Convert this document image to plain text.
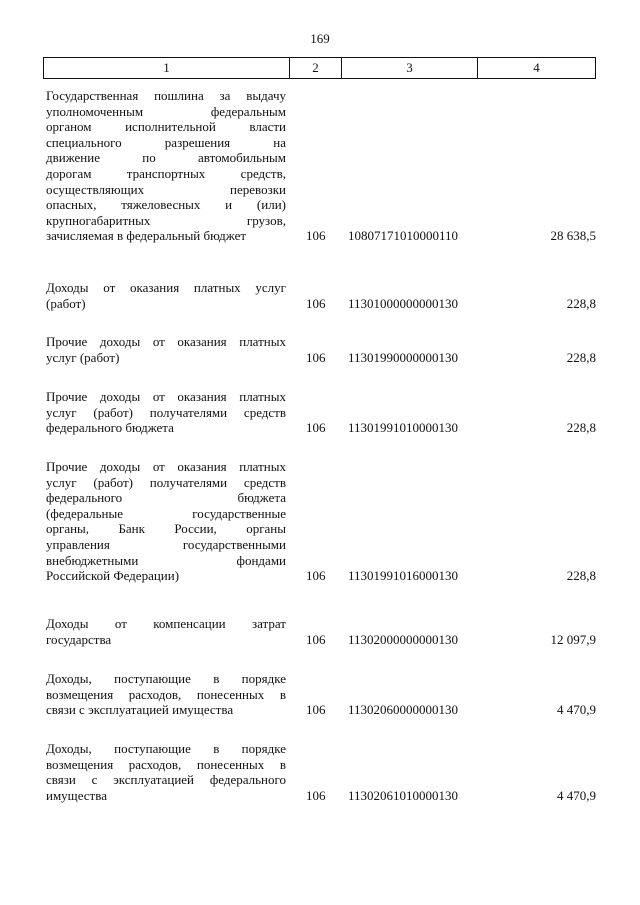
169
1	2	3	4
Государственная пошлина за выдачу
уполномоченным федеральным
органом исполнительной власти
специального разрешения на
движение по автомобильным
дорогам транспортных средств,
осуществляющих перевозки
опасных, тяжеловесных и (или)
крупногабаритных грузов,
зачисляемая в федеральный бюджет	106	10807171010000110	28 638,5
Доходы от оказания платных услуг
(работ)	106	11301000000000130	228,8
Прочие доходы от оказания платных
услуг (работ)	106	11301990000000130	228,8
Прочие доходы от оказания платных
услуг (работ) получателями средств
федерального бюджета	106	11301991010000130	228,8
Прочие доходы от оказания платных
услуг (работ) получателями средств
федерального бюджета
(федеральные государственные
органы, Банк России, органы
управления государственными
внебюджетными фондами
Российской Федерации)	106	11301991016000130	228,8
Доходы от компенсации затрат
государства	106	11302000000000130	12 097,9
Доходы, поступающие в порядке
возмещения расходов, понесенных в
связи с эксплуатацией имущества	106	11302060000000130	4 470,9
Доходы, поступающие в порядке
возмещения расходов, понесенных в
связи с эксплуатацией федерального
имущества	106	11302061010000130	4 470,9
